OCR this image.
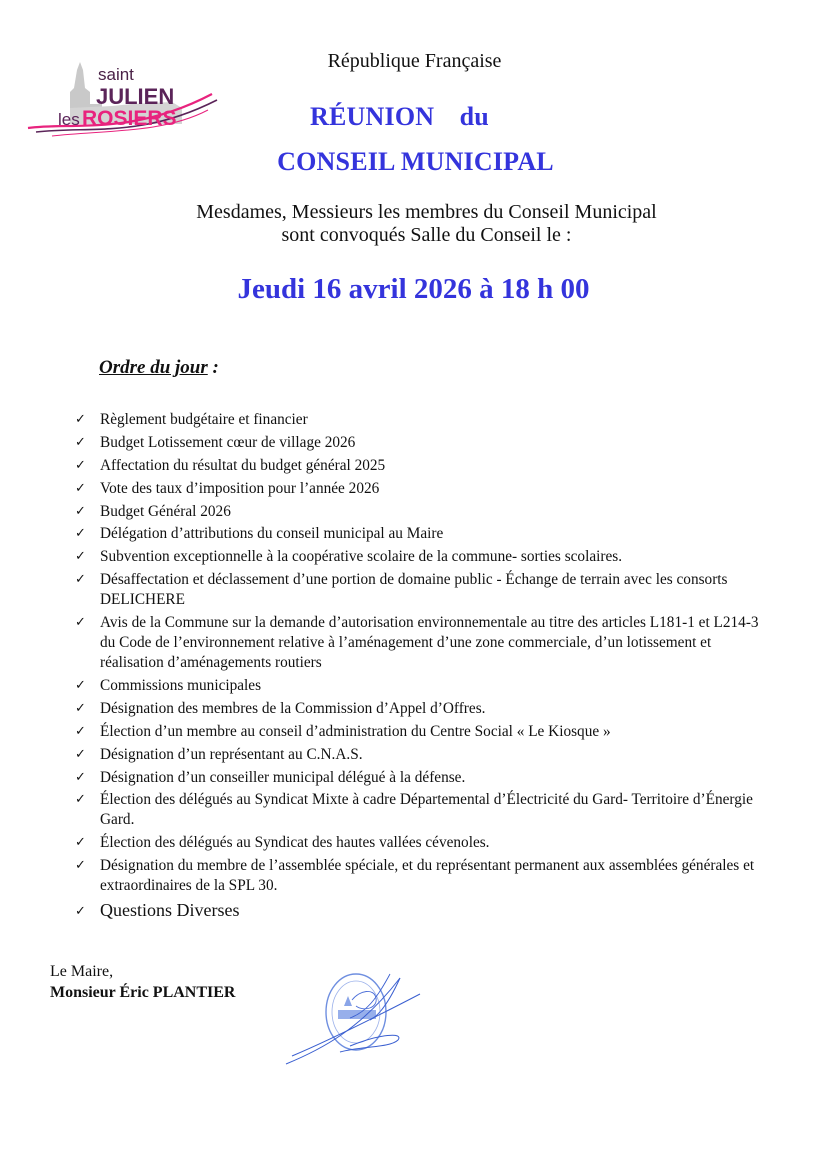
saint
JULIEN
les ROSIERS
République Française
RÉUNION  du
CONSEIL MUNICIPAL
Mesdames, Messieurs les membres du Conseil Municipal
sont convoqués Salle du Conseil le :
Jeudi 16 avril 2026 à 18 h 00
Ordre du jour :
✓ Règlement budgétaire et financier
✓ Budget Lotissement cœur de village 2026
✓ Affectation du résultat du budget général 2025
✓ Vote des taux d’imposition pour l’année 2026
✓ Budget Général 2026
✓ Délégation d’attributions du conseil municipal au Maire
✓ Subvention exceptionnelle à la coopérative scolaire de la commune- sorties scolaires.
✓ Désaffectation et déclassement d’une portion de domaine public - Échange de terrain avec les consorts DELICHERE
✓ Avis de la Commune sur la demande d’autorisation environnementale au titre des articles L181-1 et L214-3 du Code de l’environnement relative à l’aménagement d’une zone commerciale, d’un lotissement et réalisation d’aménagements routiers
✓ Commissions municipales
✓ Désignation des membres de la Commission d’Appel d’Offres.
✓ Élection d’un membre au conseil d’administration du Centre Social « Le Kiosque »
✓ Désignation d’un représentant au C.N.A.S.
✓ Désignation d’un conseiller municipal délégué à la défense.
✓ Élection des délégués au Syndicat Mixte à cadre Départemental d’Électricité du Gard- Territoire d’Énergie Gard.
✓ Élection des délégués au Syndicat des hautes vallées cévenoles.
✓ Désignation du membre de l’assemblée spéciale, et du représentant permanent aux assemblées générales et extraordinaires de la SPL 30.
✓ Questions Diverses
Le Maire,
Monsieur Éric PLANTIER
